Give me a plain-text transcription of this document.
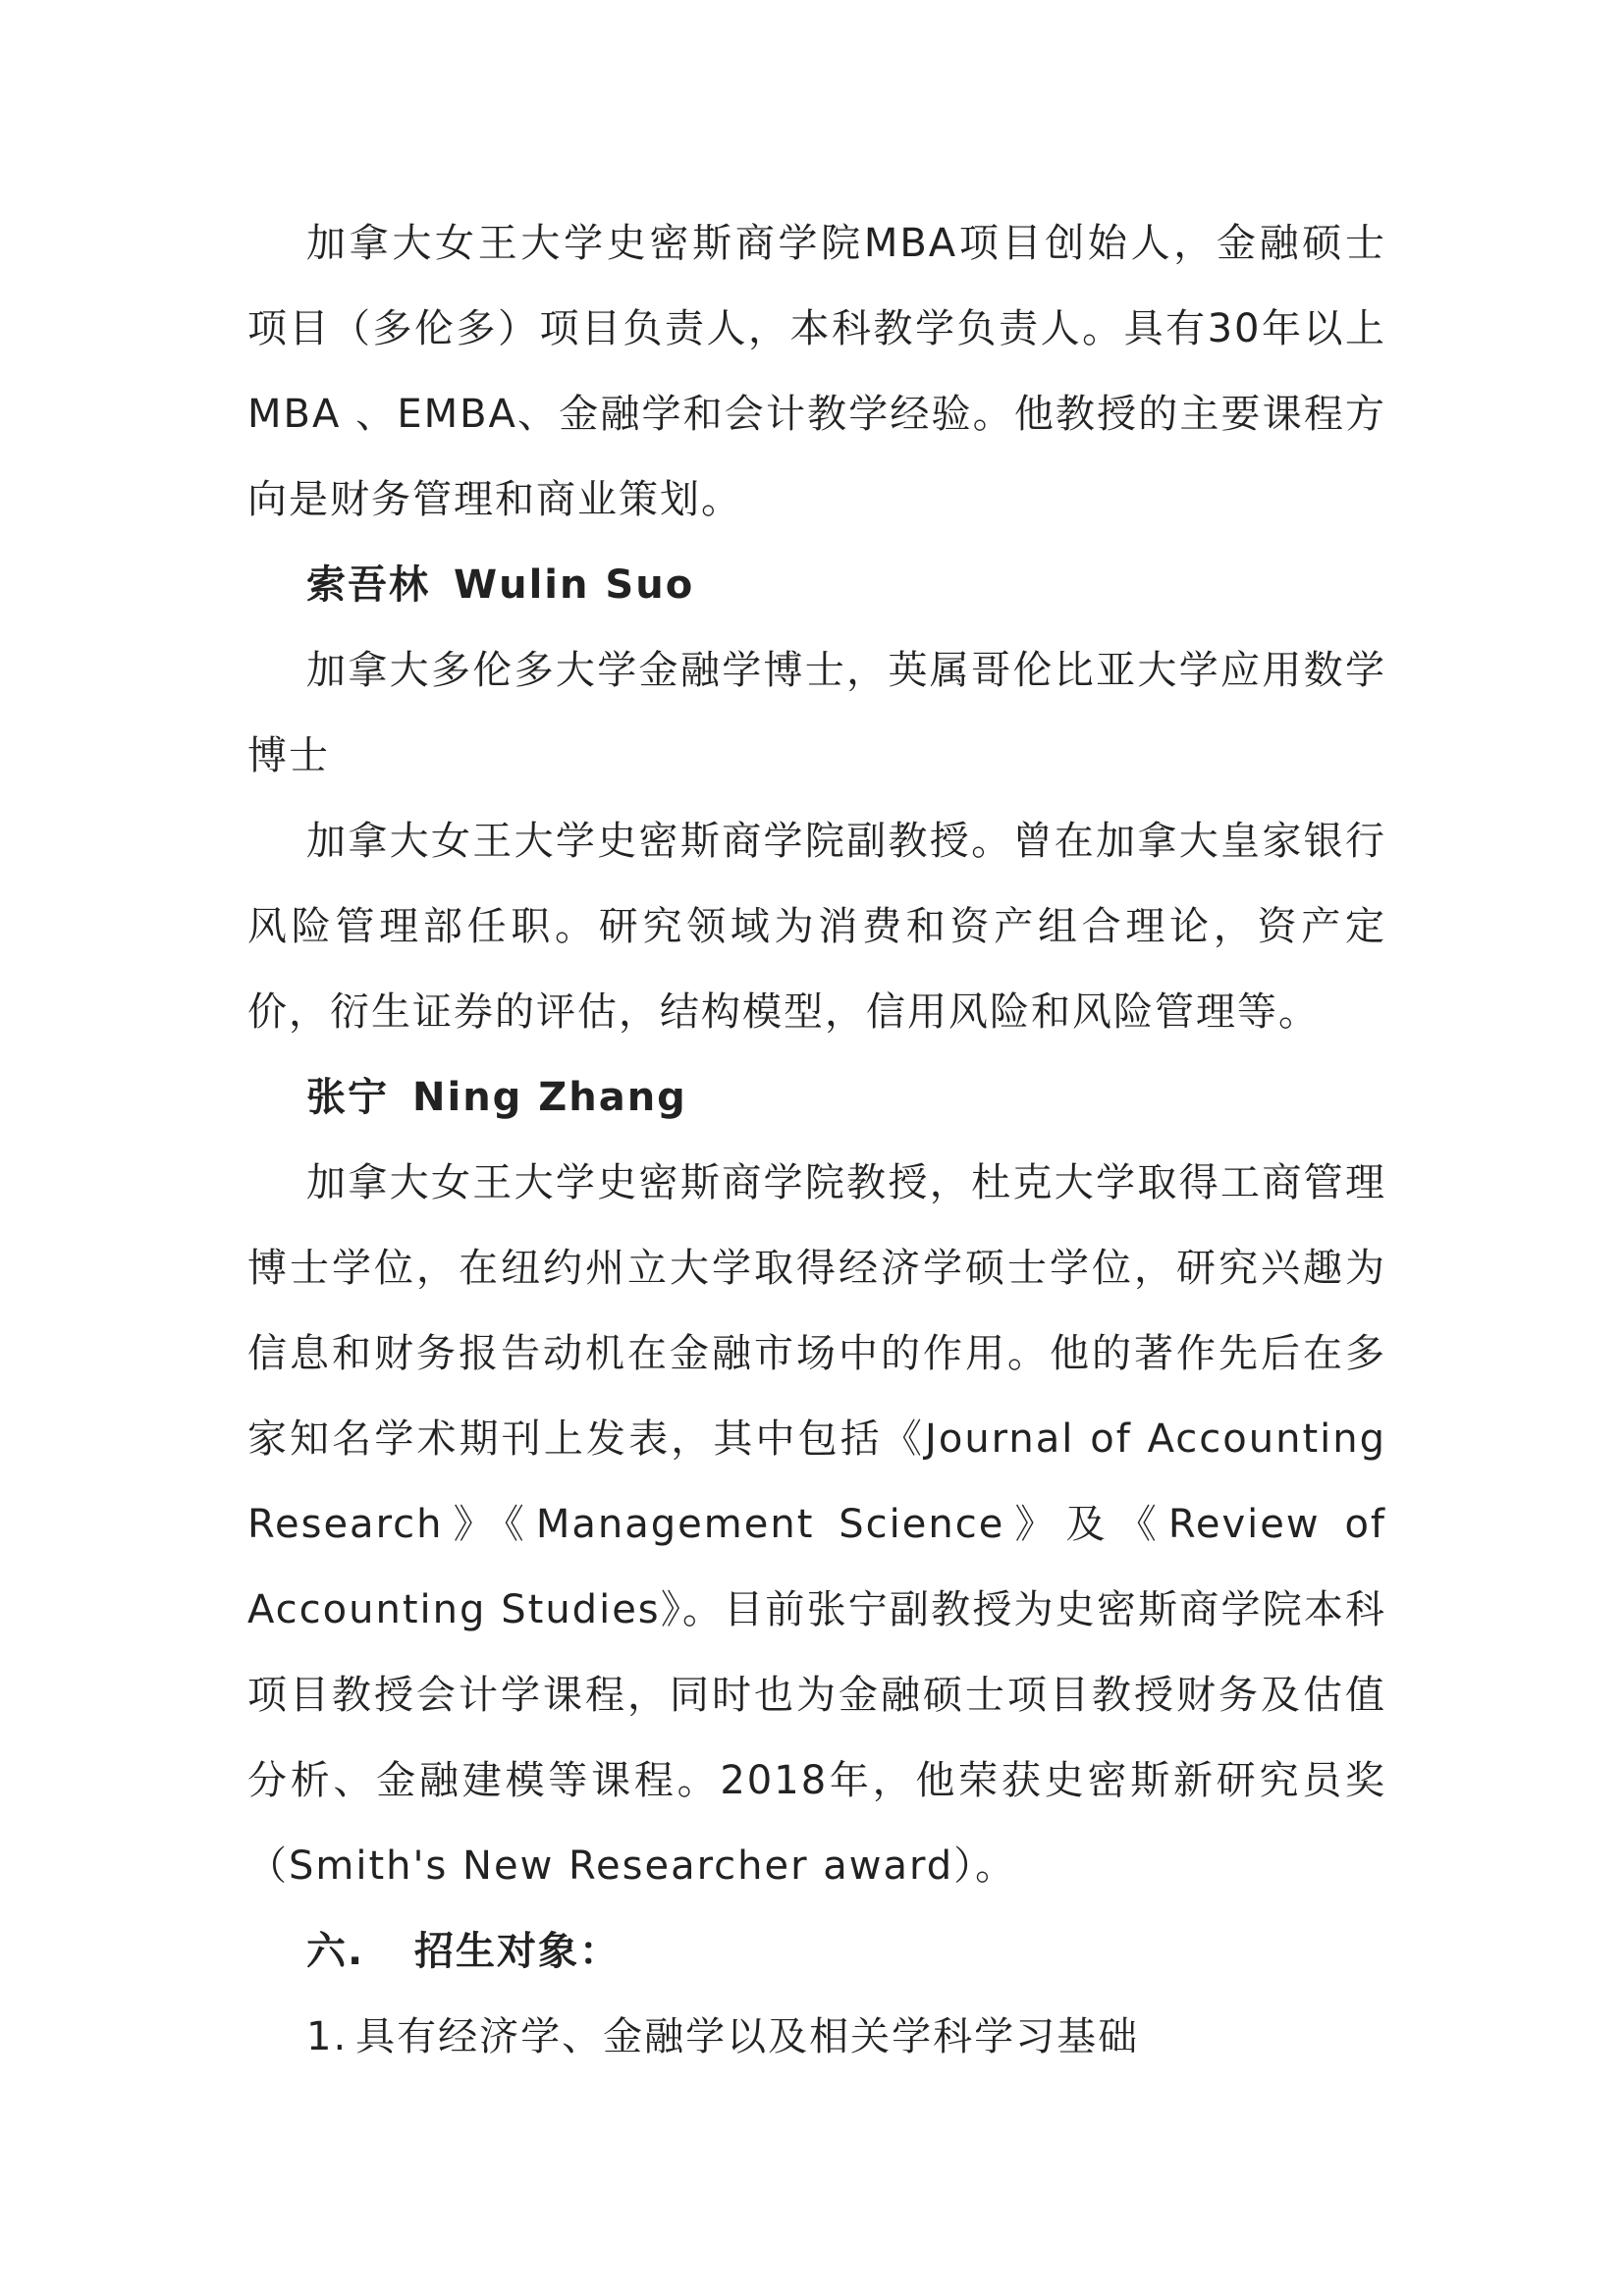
加拿大女王大学史密斯商学院MBA项目创始人，金融硕士项目（多伦多）项目负责人，本科教学负责人。具有30年以上MBA 、EMBA、金融学和会计教学经验。他教授的主要课程方向是财务管理和商业策划。

索吾林 Wulin Suo

加拿大多伦多大学金融学博士，英属哥伦比亚大学应用数学博士

加拿大女王大学史密斯商学院副教授。曾在加拿大皇家银行风险管理部任职。研究领域为消费和资产组合理论，资产定价，衍生证券的评估，结构模型，信用风险和风险管理等。

张宁 Ning Zhang

加拿大女王大学史密斯商学院教授，杜克大学取得工商管理博士学位，在纽约州立大学取得经济学硕士学位，研究兴趣为信息和财务报告动机在金融市场中的作用。他的著作先后在多家知名学术期刊上发表，其中包括《Journal of Accounting Research》《Management Science》及《Review of Accounting Studies》。目前张宁副教授为史密斯商学院本科项目教授会计学课程，同时也为金融硕士项目教授财务及估值分析、金融建模等课程。2018年，他荣获史密斯新研究员奖（Smith's New Researcher award）。

六. 招生对象：

1. 具有经济学、金融学以及相关学科学习基础
